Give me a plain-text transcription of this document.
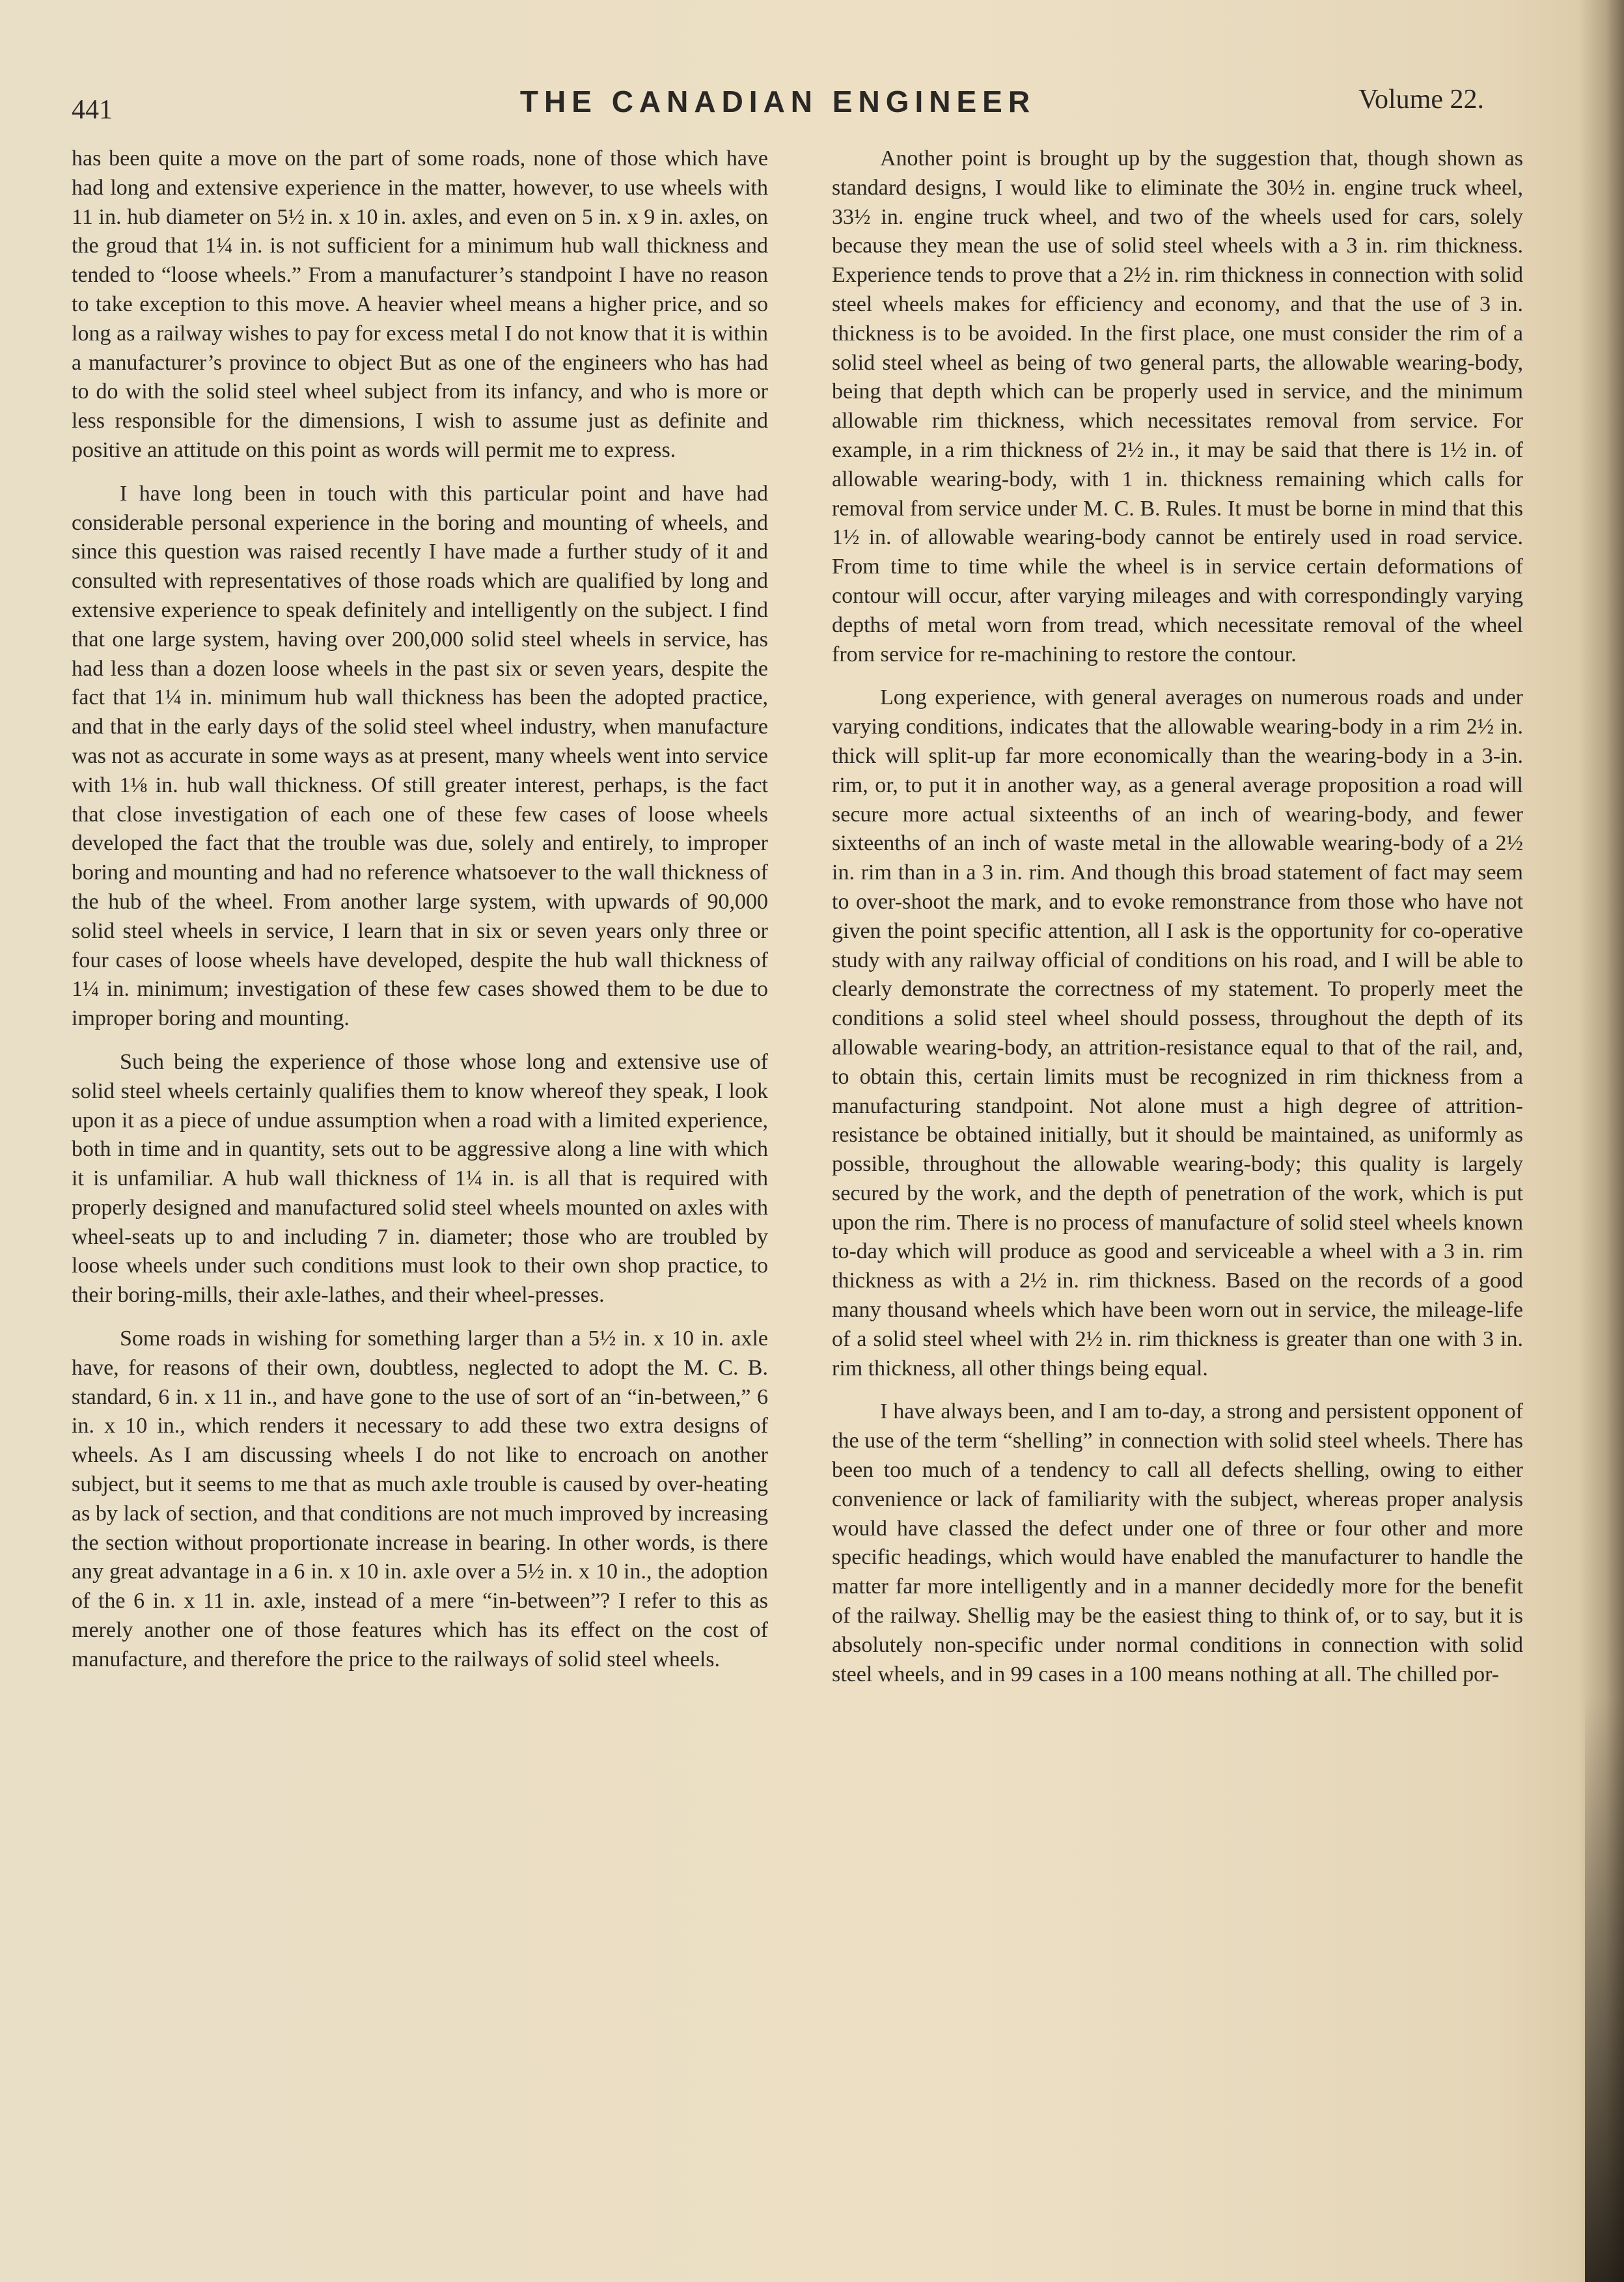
441	THE CANADIAN ENGINEER	Volume 22.

has been quite a move on the part of some roads, none of those which have had long and extensive experience in the matter, however, to use wheels with 11 in. hub diameter on 5½ in. x 10 in. axles, and even on 5 in. x 9 in. axles, on the groud that 1¼ in. is not sufficient for a minimum hub wall thickness and tended to “loose wheels.” From a manufacturer’s standpoint I have no reason to take exception to this move. A heavier wheel means a higher price, and so long as a railway wishes to pay for excess metal I do not know that it is within a manufacturer’s province to object But as one of the engineers who has had to do with the solid steel wheel subject from its infancy, and who is more or less responsible for the dimensions, I wish to assume just as definite and positive an attitude on this point as words will permit me to express.

I have long been in touch with this particular point and have had considerable personal experience in the boring and mounting of wheels, and since this question was raised recently I have made a further study of it and consulted with representatives of those roads which are qualified by long and extensive experience to speak definitely and intelligently on the subject. I find that one large system, having over 200,000 solid steel wheels in service, has had less than a dozen loose wheels in the past six or seven years, despite the fact that 1¼ in. minimum hub wall thickness has been the adopted practice, and that in the early days of the solid steel wheel industry, when manufacture was not as accurate in some ways as at present, many wheels went into service with 1⅛ in. hub wall thickness. Of still greater interest, perhaps, is the fact that close investigation of each one of these few cases of loose wheels developed the fact that the trouble was due, solely and entirely, to improper boring and mounting and had no reference whatsoever to the wall thickness of the hub of the wheel. From another large system, with upwards of 90,000 solid steel wheels in service, I learn that in six or seven years only three or four cases of loose wheels have developed, despite the hub wall thickness of 1¼ in. minimum; investigation of these few cases showed them to be due to improper boring and mounting.

Such being the experience of those whose long and extensive use of solid steel wheels certainly qualifies them to know whereof they speak, I look upon it as a piece of undue assumption when a road with a limited experience, both in time and in quantity, sets out to be aggressive along a line with which it is unfamiliar. A hub wall thickness of 1¼ in. is all that is required with properly designed and manufactured solid steel wheels mounted on axles with wheel-seats up to and including 7 in. diameter; those who are troubled by loose wheels under such conditions must look to their own shop practice, to their boring-mills, their axle-lathes, and their wheel-presses.

Some roads in wishing for something larger than a 5½ in. x 10 in. axle have, for reasons of their own, doubtless, neglected to adopt the M. C. B. standard, 6 in. x 11 in., and have gone to the use of sort of an “in-between,” 6 in. x 10 in., which renders it necessary to add these two extra designs of wheels. As I am discussing wheels I do not like to encroach on another subject, but it seems to me that as much axle trouble is caused by over-heating as by lack of section, and that conditions are not much improved by increasing the section without proportionate increase in bearing. In other words, is there any great advantage in a 6 in. x 10 in. axle over a 5½ in. x 10 in., the adoption of the 6 in. x 11 in. axle, instead of a mere “in-between”? I refer to this as merely another one of those features which has its effect on the cost of manufacture, and therefore the price to the railways of solid steel wheels.

Another point is brought up by the suggestion that, though shown as standard designs, I would like to eliminate the 30½ in. engine truck wheel, 33½ in. engine truck wheel, and two of the wheels used for cars, solely because they mean the use of solid steel wheels with a 3 in. rim thickness. Experience tends to prove that a 2½ in. rim thickness in connection with solid steel wheels makes for efficiency and economy, and that the use of 3 in. thickness is to be avoided. In the first place, one must consider the rim of a solid steel wheel as being of two general parts, the allowable wearing-body, being that depth which can be properly used in service, and the minimum allowable rim thickness, which necessitates removal from service. For example, in a rim thickness of 2½ in., it may be said that there is 1½ in. of allowable wearing-body, with 1 in. thickness remaining which calls for removal from service under M. C. B. Rules. It must be borne in mind that this 1½ in. of allowable wearing-body cannot be entirely used in road service. From time to time while the wheel is in service certain deformations of contour will occur, after varying mileages and with correspondingly varying depths of metal worn from tread, which necessitate removal of the wheel from service for re-machining to restore the contour.

Long experience, with general averages on numerous roads and under varying conditions, indicates that the allowable wearing-body in a rim 2½ in. thick will split-up far more economically than the wearing-body in a 3-in. rim, or, to put it in another way, as a general average proposition a road will secure more actual sixteenths of an inch of wearing-body, and fewer sixteenths of an inch of waste metal in the allowable wearing-body of a 2½ in. rim than in a 3 in. rim. And though this broad statement of fact may seem to over-shoot the mark, and to evoke remonstrance from those who have not given the point specific attention, all I ask is the opportunity for co-operative study with any railway official of conditions on his road, and I will be able to clearly demonstrate the correctness of my statement. To properly meet the conditions a solid steel wheel should possess, throughout the depth of its allowable wearing-body, an attrition-resistance equal to that of the rail, and, to obtain this, certain limits must be recognized in rim thickness from a manufacturing standpoint. Not alone must a high degree of attrition-resistance be obtained initially, but it should be maintained, as uniformly as possible, throughout the allowable wearing-body; this quality is largely secured by the work, and the depth of penetration of the work, which is put upon the rim. There is no process of manufacture of solid steel wheels known to-day which will produce as good and serviceable a wheel with a 3 in. rim thickness as with a 2½ in. rim thickness. Based on the records of a good many thousand wheels which have been worn out in service, the mileage-life of a solid steel wheel with 2½ in. rim thickness is greater than one with 3 in. rim thickness, all other things being equal.

I have always been, and I am to-day, a strong and persistent opponent of the use of the term “shelling” in connection with solid steel wheels. There has been too much of a tendency to call all defects shelling, owing to either convenience or lack of familiarity with the subject, whereas proper analysis would have classed the defect under one of three or four other and more specific headings, which would have enabled the manufacturer to handle the matter far more intelligently and in a manner decidedly more for the benefit of the railway. Shellig may be the easiest thing to think of, or to say, but it is absolutely non-specific under normal conditions in connection with solid steel wheels, and in 99 cases in a 100 means nothing at all. The chilled por-
